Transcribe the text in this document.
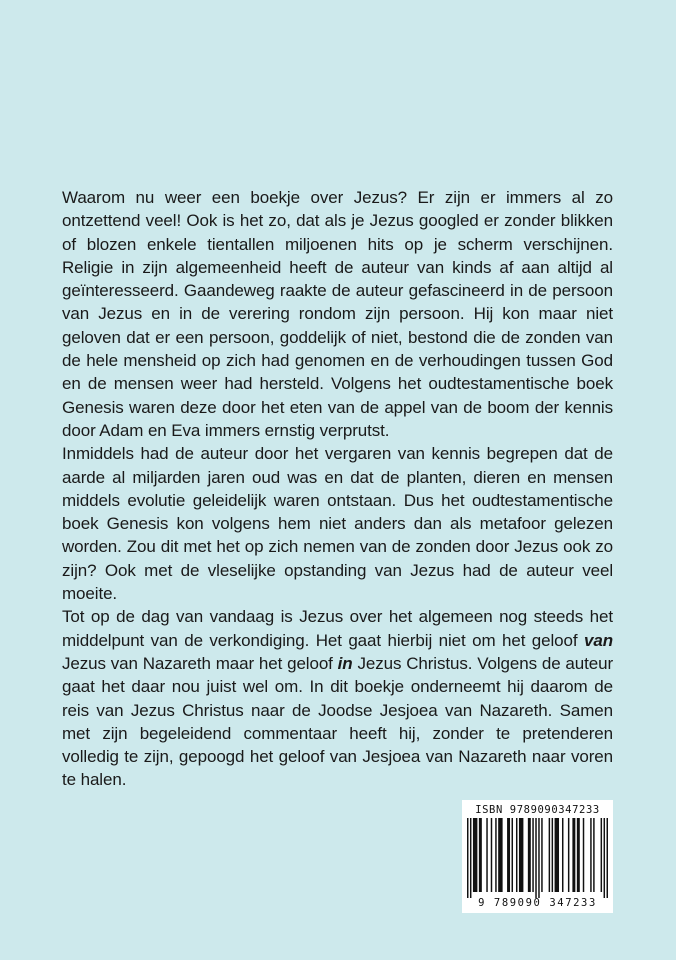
Waarom nu weer een boekje over Jezus? Er zijn er immers al zo ontzettend veel! Ook is het zo, dat als je Jezus googled er zonder blikken of blozen enkele tientallen miljoenen hits op je scherm verschijnen. Religie in zijn algemeenheid heeft de auteur van kinds af aan altijd al geïnteresseerd. Gaandeweg raakte de auteur gefascineerd in de persoon van Jezus en in de verering rondom zijn persoon. Hij kon maar niet geloven dat er een persoon, goddelijk of niet, bestond die de zonden van de hele mensheid op zich had genomen en de verhoudingen tussen God en de mensen weer had hersteld. Volgens het oudtestamentische boek Genesis waren deze door het eten van de appel van de boom der kennis door Adam en Eva immers ernstig verprutst.

Inmiddels had de auteur door het vergaren van kennis begrepen dat de aarde al miljarden jaren oud was en dat de planten, dieren en mensen middels evolutie geleidelijk waren ontstaan. Dus het oudtestamentische boek Genesis kon volgens hem niet anders dan als metafoor gelezen worden. Zou dit met het op zich nemen van de zonden door Jezus ook zo zijn? Ook met de vleselijke opstanding van Jezus had de auteur veel moeite.

Tot op de dag van vandaag is Jezus over het algemeen nog steeds het middelpunt van de verkondiging. Het gaat hierbij niet om het geloof van Jezus van Nazareth maar het geloof in Jezus Christus. Volgens de auteur gaat het daar nou juist wel om. In dit boekje onderneemt hij daarom de reis van Jezus Christus naar de Joodse Jesjoea van Nazareth. Samen met zijn begeleidend commentaar heeft hij, zonder te pretenderen volledig te zijn, gepoogd het geloof van Jesjoea van Nazareth naar voren te halen.

ISBN 9789090347233
9 789090 347233
